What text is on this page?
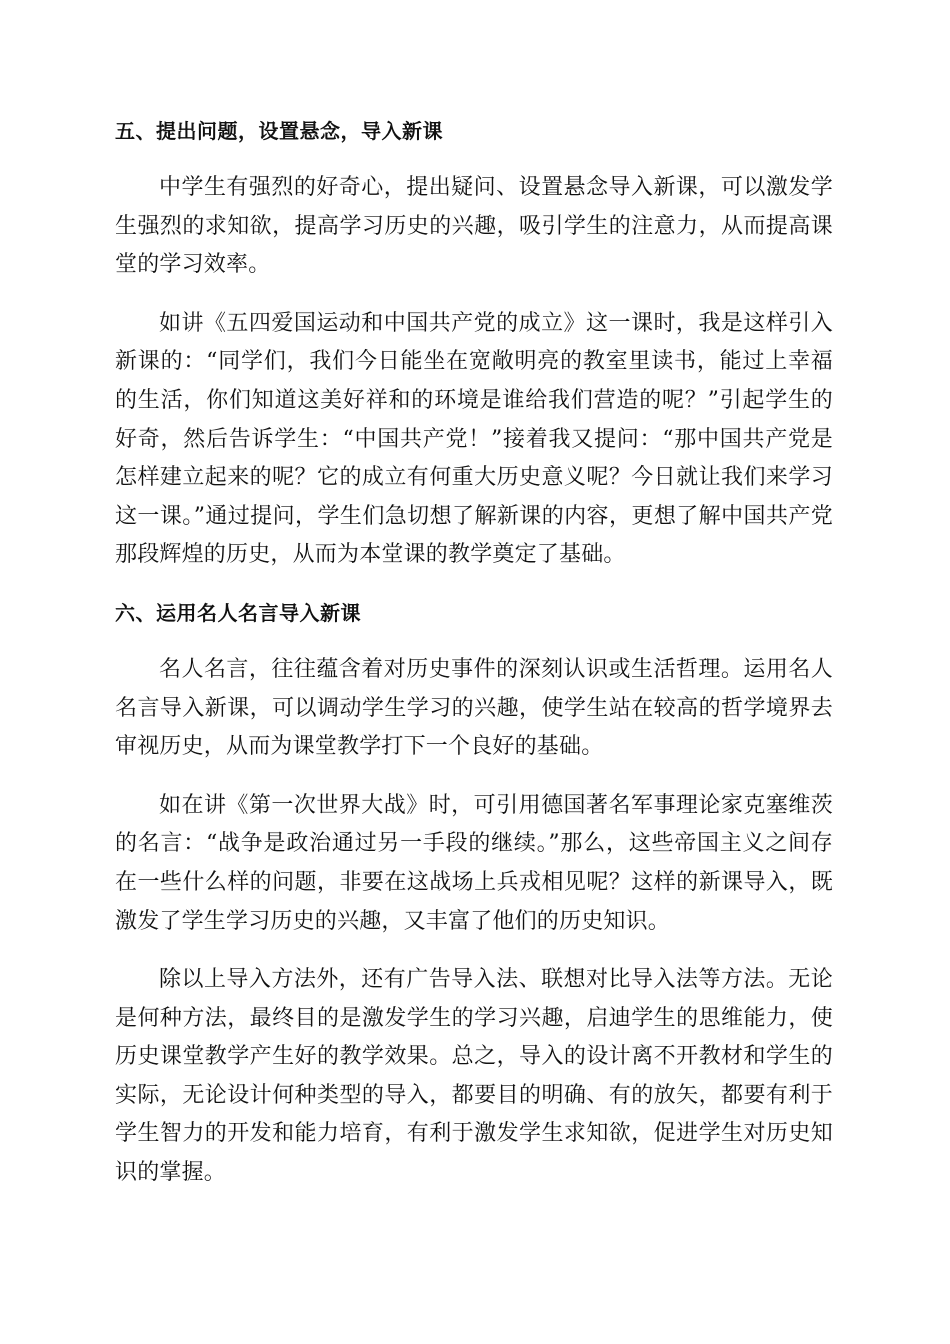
五、提出问题，设置悬念，导入新课

中学生有强烈的好奇心，提出疑问、设置悬念导入新课，可以激发学生强烈的求知欲，提高学习历史的兴趣，吸引学生的注意力，从而提高课堂的学习效率。

如讲《五四爱国运动和中国共产党的成立》这一课时，我是这样引入新课的：“同学们，我们今日能坐在宽敞明亮的教室里读书，能过上幸福的生活，你们知道这美好祥和的环境是谁给我们营造的呢？”引起学生的好奇，然后告诉学生：“中国共产党！”接着我又提问：“那中国共产党是怎样建立起来的呢？它的成立有何重大历史意义呢？今日就让我们来学习这一课。”通过提问，学生们急切想了解新课的内容，更想了解中国共产党那段辉煌的历史，从而为本堂课的教学奠定了基础。

六、运用名人名言导入新课

名人名言，往往蕴含着对历史事件的深刻认识或生活哲理。运用名人名言导入新课，可以调动学生学习的兴趣，使学生站在较高的哲学境界去审视历史，从而为课堂教学打下一个良好的基础。

如在讲《第一次世界大战》时，可引用德国著名军事理论家克塞维茨的名言：“战争是政治通过另一手段的继续。”那么，这些帝国主义之间存在一些什么样的问题，非要在这战场上兵戎相见呢？这样的新课导入，既激发了学生学习历史的兴趣，又丰富了他们的历史知识。

除以上导入方法外，还有广告导入法、联想对比导入法等方法。无论是何种方法，最终目的是激发学生的学习兴趣，启迪学生的思维能力，使历史课堂教学产生好的教学效果。总之，导入的设计离不开教材和学生的实际，无论设计何种类型的导入，都要目的明确、有的放矢，都要有利于学生智力的开发和能力培育，有利于激发学生求知欲，促进学生对历史知识的掌握。
